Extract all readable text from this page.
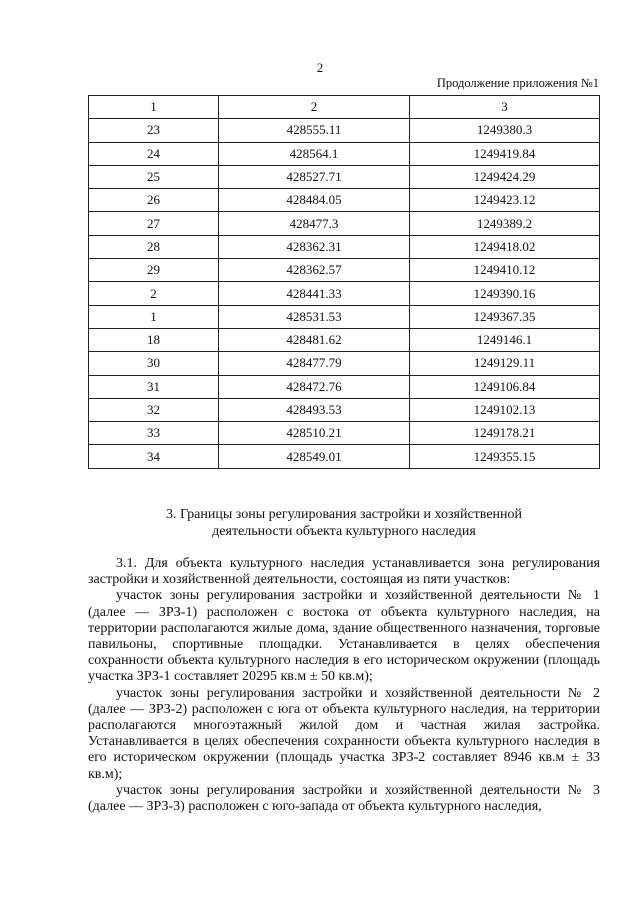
2
Продолжение приложения №1
1	2	3
23	428555.11	1249380.3
24	428564.1	1249419.84
25	428527.71	1249424.29
26	428484.05	1249423.12
27	428477.3	1249389.2
28	428362.31	1249418.02
29	428362.57	1249410.12
2	428441.33	1249390.16
1	428531.53	1249367.35
18	428481.62	1249146.1
30	428477.79	1249129.11
31	428472.76	1249106.84
32	428493.53	1249102.13
33	428510.21	1249178.21
34	428549.01	1249355.15
3. Границы зоны регулирования застройки и хозяйственной
деятельности объекта культурного наследия

3.1. Для объекта культурного наследия устанавливается зона регулирования застройки и хозяйственной деятельности, состоящая из пяти участков:

участок зоны регулирования застройки и хозяйственной деятельности № 1 (далее — ЗРЗ-1) расположен с востока от объекта культурного наследия, на территории располагаются жилые дома, здание общественного назначения, торговые павильоны, спортивные площадки. Устанавливается в целях обеспечения сохранности объекта культурного наследия в его историческом окружении (площадь участка ЗРЗ-1 составляет 20295 кв.м ± 50 кв.м);

участок зоны регулирования застройки и хозяйственной деятельности № 2 (далее — ЗРЗ-2) расположен с юга от объекта культурного наследия, на территории располагаются многоэтажный жилой дом и частная жилая застройка. Устанавливается в целях обеспечения сохранности объекта культурного наследия в его историческом окружении (площадь участка ЗРЗ-2 составляет 8946 кв.м ± 33 кв.м);

участок зоны регулирования застройки и хозяйственной деятельности № 3 (далее — ЗРЗ-3) расположен с юго-запада от объекта культурного наследия,
